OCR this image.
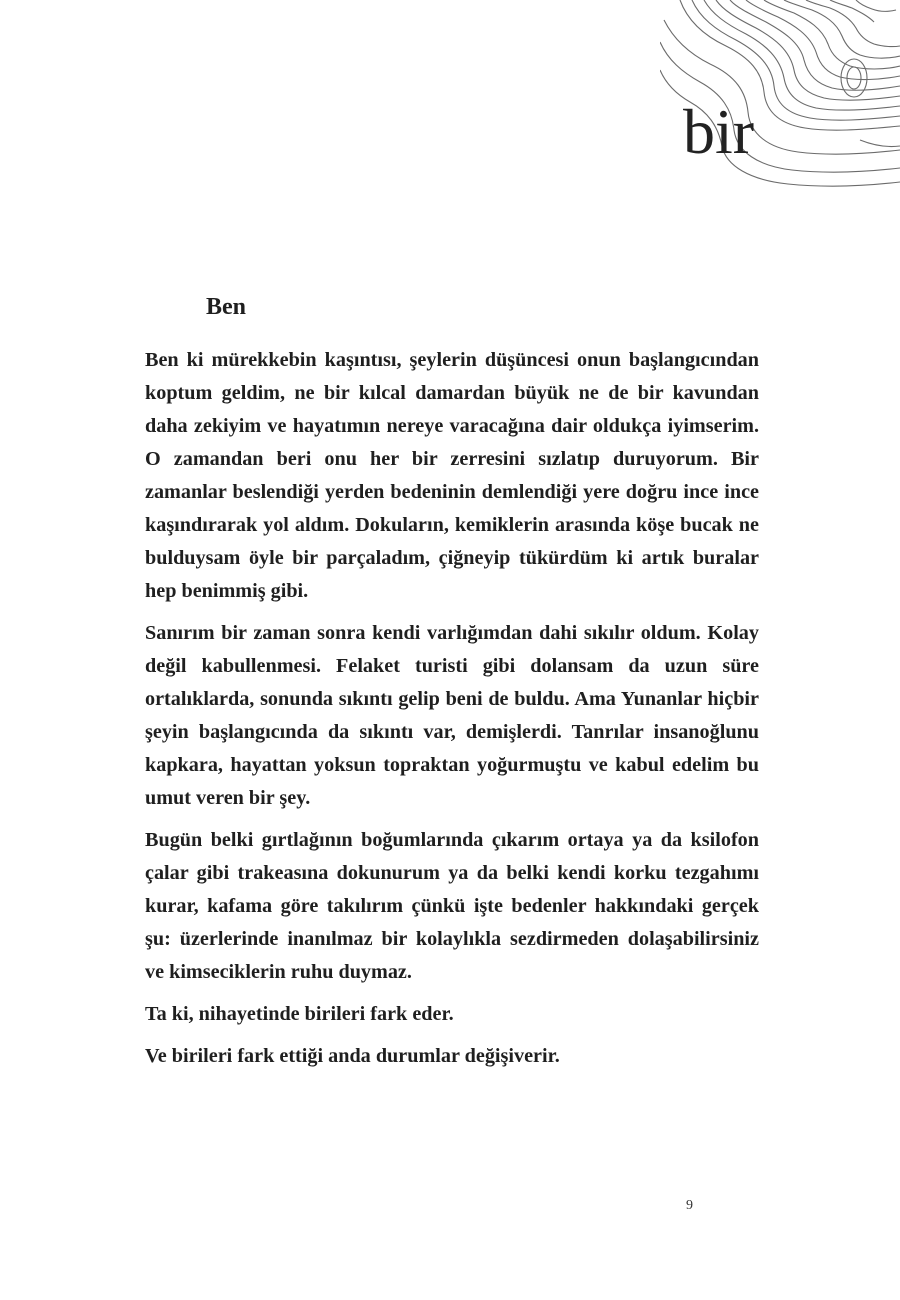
bir
Ben

Ben ki mürekkebin kaşıntısı, şeylerin düşüncesi onun başlangıcından koptum geldim, ne bir kılcal damardan büyük ne de bir kavundan daha zekiyim ve hayatımın nereye varacağına dair oldukça iyimserim. O zamandan beri onu her bir zerresini sızlatıp duruyorum. Bir zamanlar beslendiği yerden bedeninin demlendiği yere doğru ince ince kaşındırarak yol aldım. Dokuların, kemiklerin arasında köşe bucak ne bulduysam öyle bir parçaladım, çiğneyip tükürdüm ki artık buralar hep benimmiş gibi.

Sanırım bir zaman sonra kendi varlığımdan dahi sıkılır oldum. Kolay değil kabullenmesi. Felaket turisti gibi dolansam da uzun süre ortalıklarda, sonunda sıkıntı gelip beni de buldu. Ama Yunanlar hiçbir şeyin başlangıcında da sıkıntı var, demişlerdi. Tanrılar insanoğlunu kapkara, hayattan yoksun topraktan yoğurmuştu ve kabul edelim bu umut veren bir şey.

Bugün belki gırtlağının boğumlarında çıkarım ortaya ya da ksilofon çalar gibi trakeasına dokunurum ya da belki kendi korku tezgahımı kurar, kafama göre takılırım çünkü işte bedenler hakkındaki gerçek şu: üzerlerinde inanılmaz bir kolaylıkla sezdirmeden dolaşabilirsiniz ve kimseciklerin ruhu duymaz.

Ta ki, nihayetinde birileri fark eder.

Ve birileri fark ettiği anda durumlar değişiverir.

9
